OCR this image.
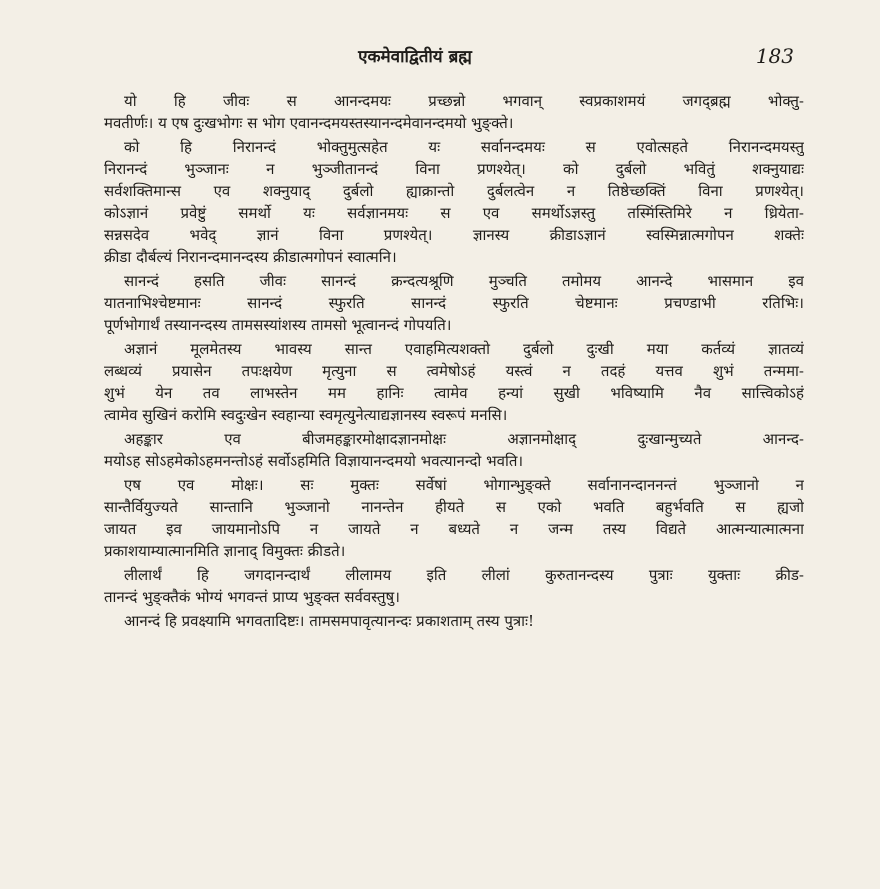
एकमेवाद्वितीयं ब्रह्म	183
यो हि जीवः स आनन्दमयः प्रच्छन्नो भगवान् स्वप्रकाशमयं जगद्ब्रह्म भोक्तु-
मवतीर्णः। य एष दुःखभोगः स भोग एवानन्दमयस्तस्यानन्दमेवानन्दमयो भुङ्क्ते।
को हि निरानन्दं भोक्तुमुत्सहेत यः सर्वानन्दमयः स एवोत्सहते निरानन्दमयस्तु
निरानन्दं भुञ्जानः न भुञ्जीतानन्दं विना प्रणश्येत्। को दुर्बलो भवितुं शक्नुयाद्यः
सर्वशक्तिमान्स एव शक्नुयाद् दुर्बलो ह्याक्रान्तो दुर्बलत्वेन न तिष्ठेच्छक्तिं विना प्रणश्येत्।
कोऽज्ञानं प्रवेष्टुं समर्थो यः सर्वज्ञानमयः स एव समर्थोऽज्ञस्तु तस्मिंस्तिमिरे न ध्रियेता-
सन्नसदेव भवेद् ज्ञानं विना प्रणश्येत्। ज्ञानस्य क्रीडाऽज्ञानं स्वस्मिन्नात्मगोपन शक्तेः
क्रीडा दौर्बल्यं निरानन्दमानन्दस्य क्रीडात्मगोपनं स्वात्मनि।
सानन्दं हसति जीवः सानन्दं क्रन्दत्यश्रूणि मुञ्चति तमोमय आनन्दे भासमान इव
यातनाभिश्चेष्टमानः सानन्दं स्फुरति सानन्दं स्फुरति चेष्टमानः प्रचण्डाभी रतिभिः।
पूर्णभोगार्थं तस्यानन्दस्य तामसस्यांशस्य तामसो भूत्वानन्दं गोपयति।
अज्ञानं मूलमेतस्य भावस्य सान्त एवाहमित्यशक्तो दुर्बलो दुःखी मया कर्तव्यं ज्ञातव्यं
लब्धव्यं प्रयासेन तपःक्षयेण मृत्युना स त्वमेषोऽहं यस्त्वं न तदहं यत्तव शुभं तन्ममा-
शुभं येन तव लाभस्तेन मम हानिः त्वामेव हन्यां सुखी भविष्यामि नैव सात्त्विकोऽहं
त्वामेव सुखिनं करोमि स्वदुःखेन स्वहान्या स्वमृत्युनेत्याद्यज्ञानस्य स्वरूपं मनसि।
अहङ्कार एव बीजमहङ्कारमोक्षादज्ञानमोक्षः अज्ञानमोक्षाद् दुःखान्मुच्यते आनन्द-
मयोऽह सोऽहमेकोऽहमनन्तोऽहं सर्वोऽहमिति विज्ञायानन्दमयो भवत्यानन्दो भवति।
एष एव मोक्षः। सः मुक्तः सर्वेषां भोगान्भुङ्क्ते सर्वानानन्दाननन्तं भुञ्जानो न
सान्तैर्वियुज्यते सान्तानि भुञ्जानो नानन्तेन हीयते स एको भवति बहुर्भवति स ह्यजो
जायत इव जायमानोऽपि न जायते न बध्यते न जन्म तस्य विद्यते आत्मन्यात्मात्मना
प्रकाशयाम्यात्मानमिति ज्ञानाद् विमुक्तः क्रीडते।
लीलार्थं हि जगदानन्दार्थं लीलामय इति लीलां कुरुतानन्दस्य पुत्राः युक्ताः क्रीड-
तानन्दं भुङ्क्तैकं भोग्यं भगवन्तं प्राप्य भुङ्क्त सर्ववस्तुषु।
आनन्दं हि प्रवक्ष्यामि भगवतादिष्टः। तामसमपावृत्यानन्दः प्रकाशताम् तस्य पुत्राः!
